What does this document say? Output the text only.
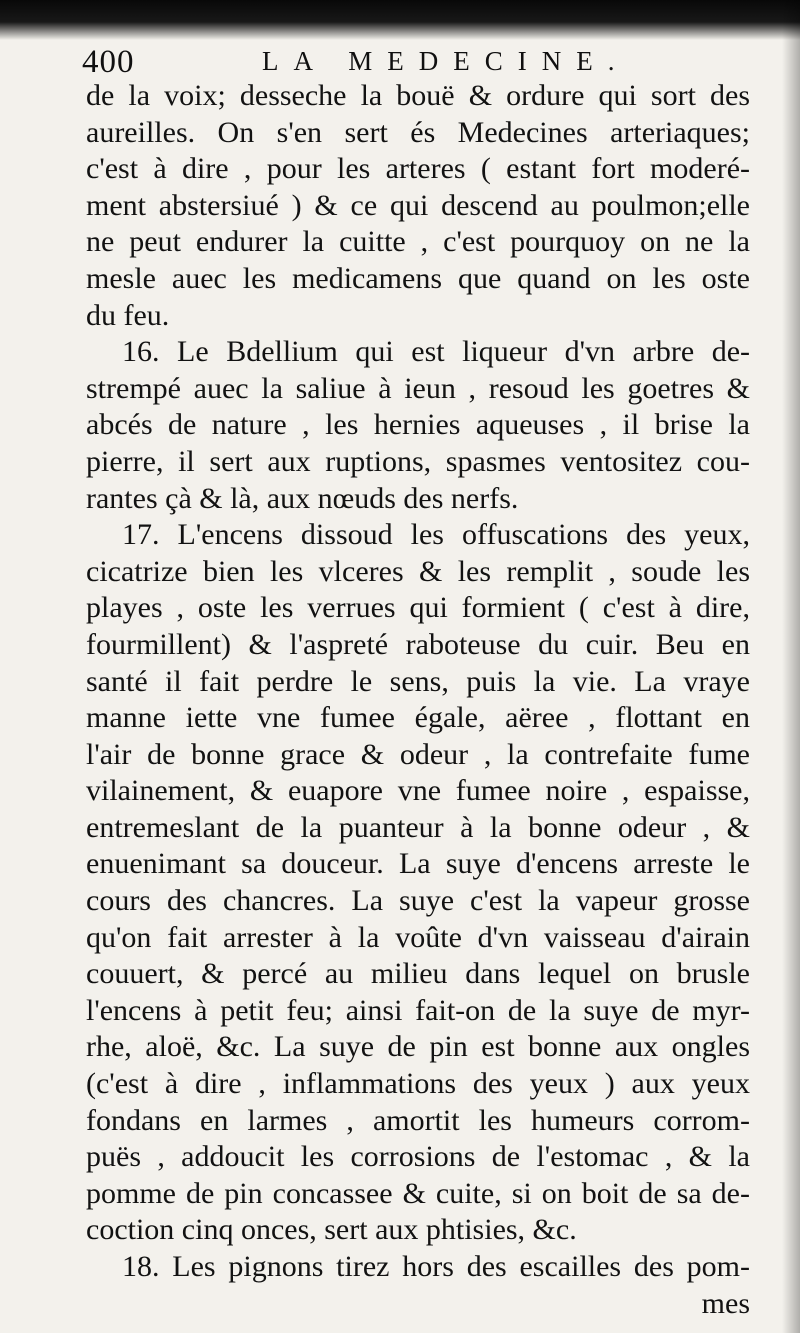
400	LA MEDECINE.
de la voix; desseche la bouë & ordure qui sort des
aureilles. On s'en sert és Medecines arteriaques;
c'est à dire , pour les arteres ( estant fort moderé-
ment abstersiué ) & ce qui descend au poulmon;elle
ne peut endurer la cuitte , c'est pourquoy on ne la
mesle auec les medicamens que quand on les oste
du feu.
16. Le Bdellium qui est liqueur d'vn arbre de-
strempé auec la saliue à ieun , resoud les goetres &
abcés de nature , les hernies aqueuses , il brise la
pierre, il sert aux ruptions, spasmes ventositez cou-
rantes çà & là, aux nœuds des nerfs.
17. L'encens dissoud les offuscations des yeux,
cicatrize bien les vlceres & les remplit , soude les
playes , oste les verrues qui formient ( c'est à dire,
fourmillent) & l'aspreté raboteuse du cuir. Beu en
santé il fait perdre le sens, puis la vie. La vraye
manne iette vne fumee égale, aëree , flottant en
l'air de bonne grace & odeur , la contrefaite fume
vilainement, & euapore vne fumee noire , espaisse,
entremeslant de la puanteur à la bonne odeur , &
enuenimant sa douceur. La suye d'encens arreste le
cours des chancres. La suye c'est la vapeur grosse
qu'on fait arrester à la voûte d'vn vaisseau d'airain
couuert, & percé au milieu dans lequel on brusle
l'encens à petit feu; ainsi fait-on de la suye de myr-
rhe, aloë, &c. La suye de pin est bonne aux ongles
(c'est à dire , inflammations des yeux ) aux yeux
fondans en larmes , amortit les humeurs corrom-
puës , addoucit les corrosions de l'estomac , & la
pomme de pin concassee & cuite, si on boit de sa de-
coction cinq onces, sert aux phtisies, &c.
18. Les pignons tirez hors des escailles des pom-
mes
